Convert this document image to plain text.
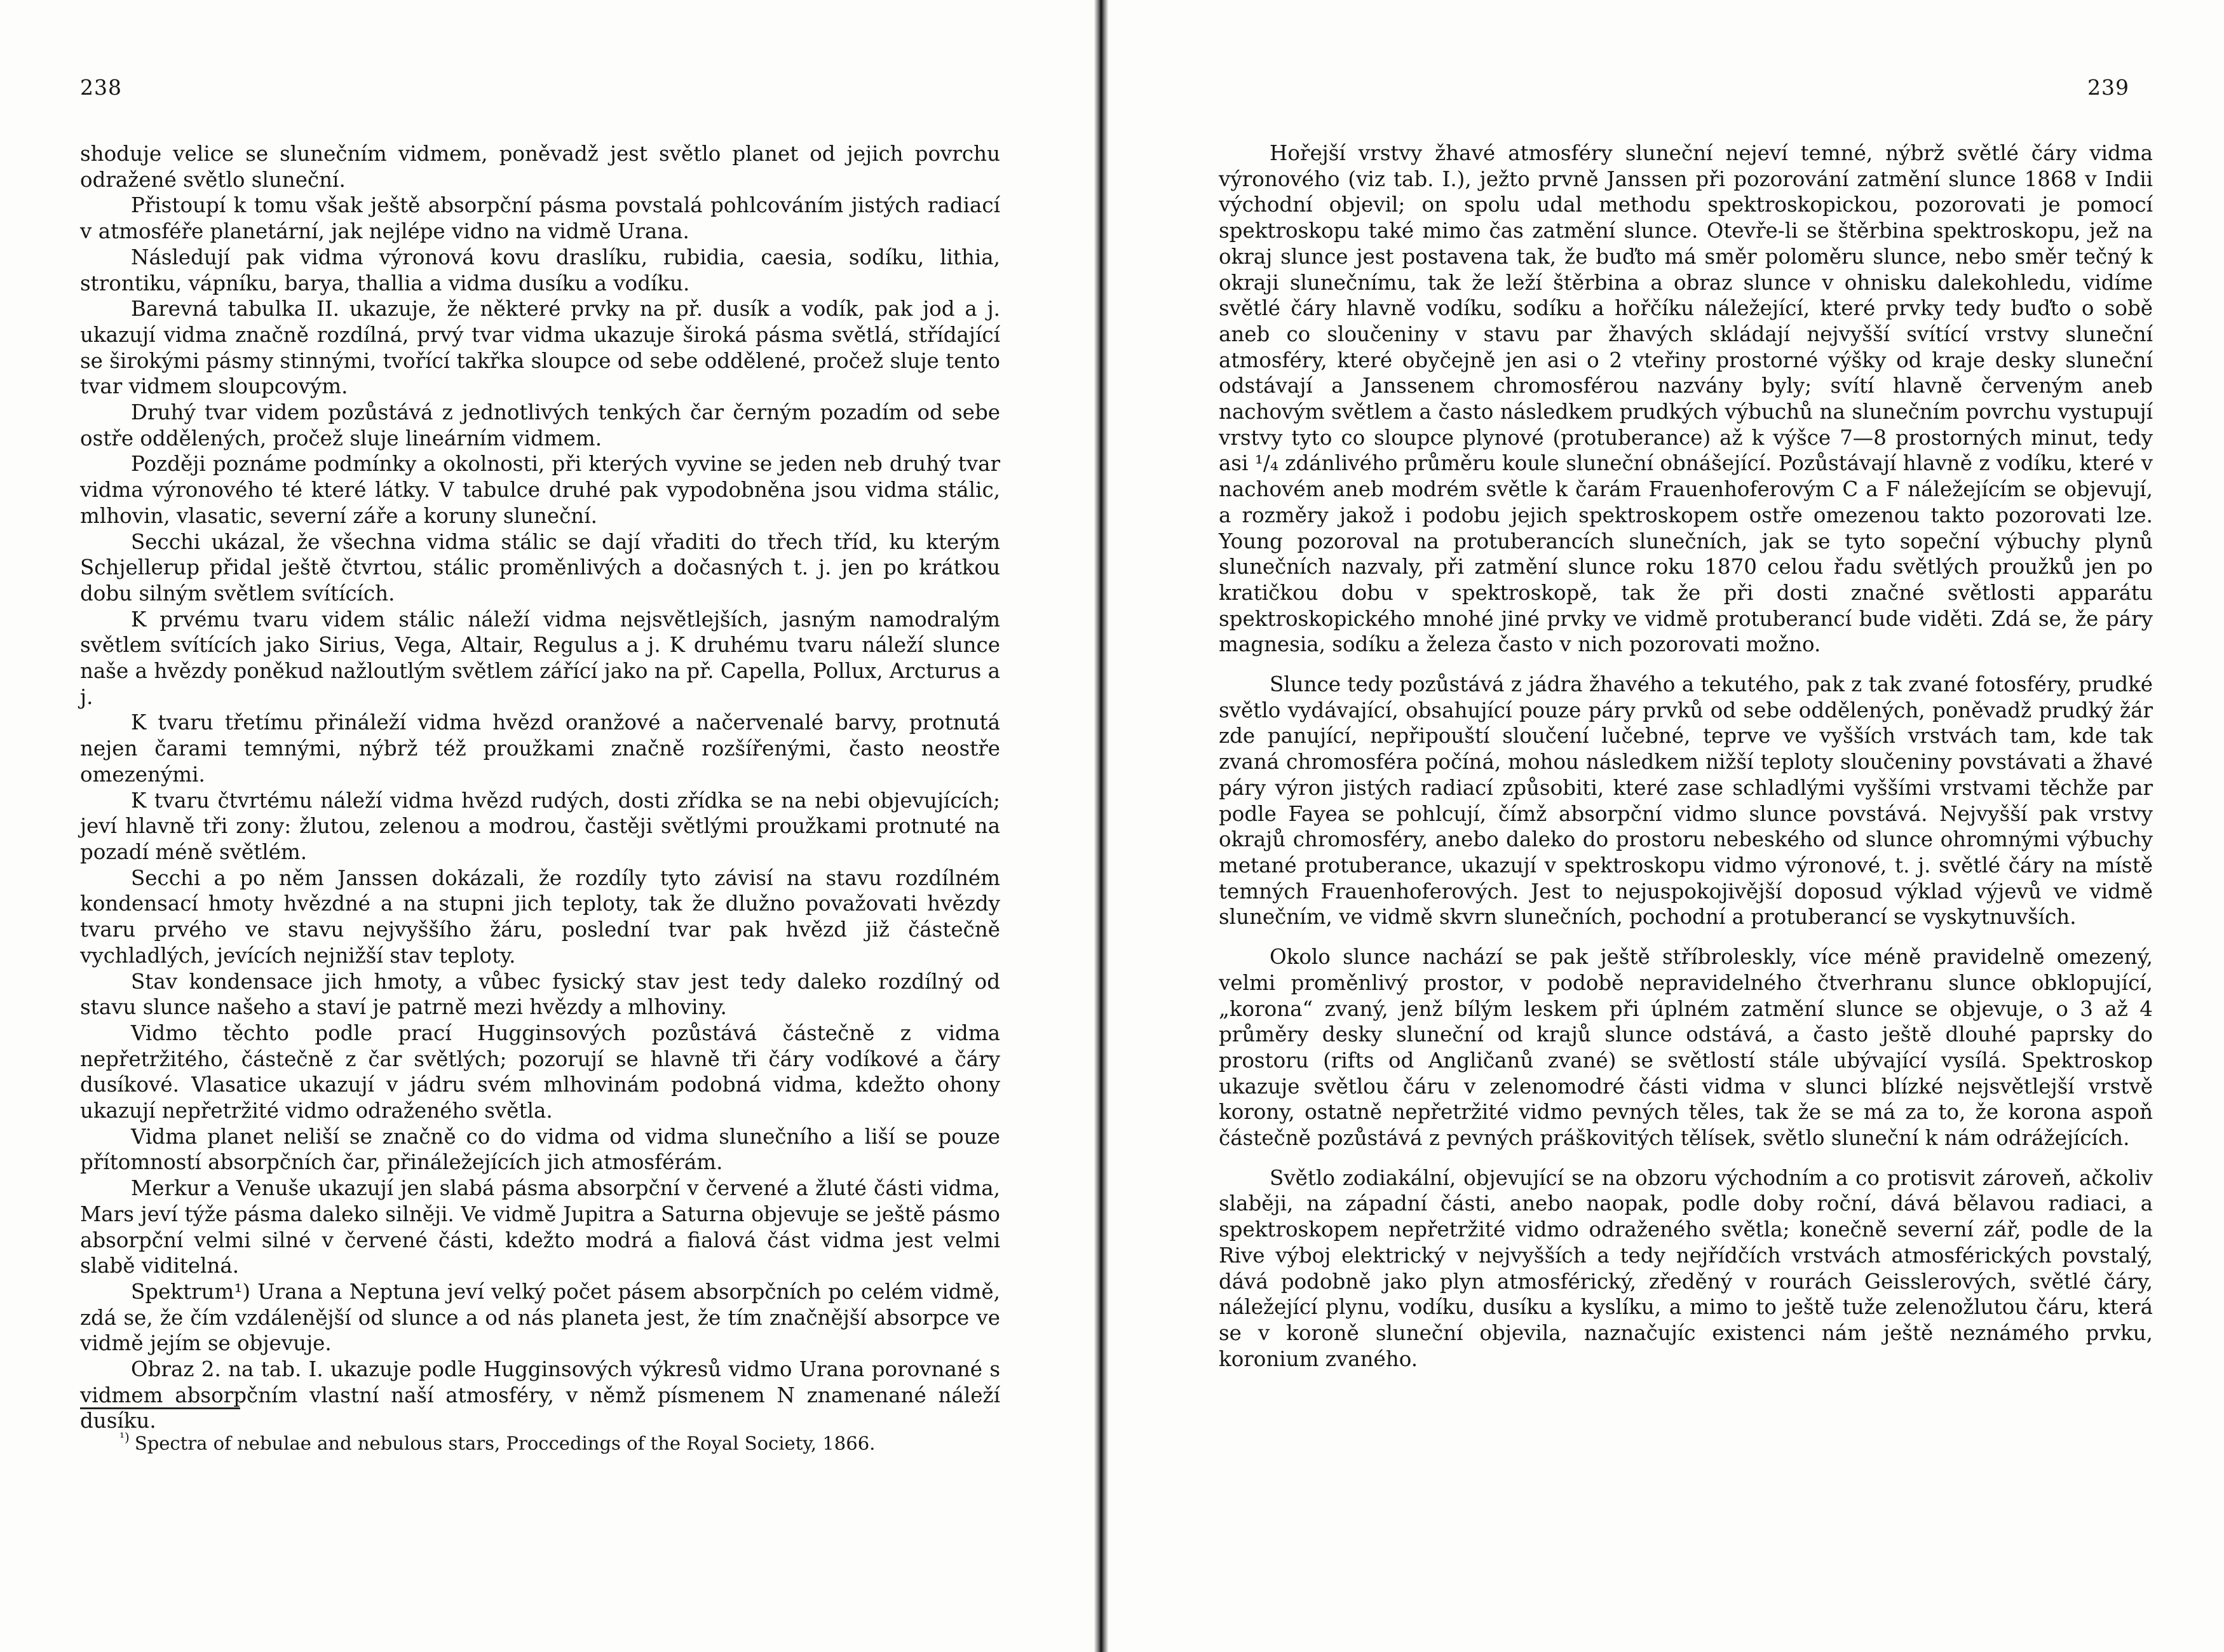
238

shoduje velice se slunečním vidmem, poněvadž jest světlo planet od jejich povrchu odražené světlo sluneční.

Přistoupí k tomu však ještě absorpční pásma povstalá pohlcováním jistých radiací v atmosféře planetární, jak nejlépe vidno na vidmě Urana.

Následují pak vidma výronová kovu draslíku, rubidia, caesia, sodíku, lithia, strontiku, vápníku, barya, thallia a vidma dusíku a vodíku.

Barevná tabulka II. ukazuje, že některé prvky na př. dusík a vodík, pak jod a j. ukazují vidma značně rozdílná, prvý tvar vidma ukazuje široká pásma světlá, střídající se širokými pásmy stinnými, tvořící takřka sloupce od sebe oddělené, pročež sluje tento tvar vidmem sloupcovým.

Druhý tvar videm pozůstává z jednotlivých tenkých čar černým pozadím od sebe ostře oddělených, pročež sluje lineárním vidmem.

Později poznáme podmínky a okolnosti, při kterých vyvine se jeden neb druhý tvar vidma výronového té které látky. V tabulce druhé pak vypodobněna jsou vidma stálic, mlhovin, vlasatic, severní záře a koruny sluneční.

Secchi ukázal, že všechna vidma stálic se dají vřaditi do třech tříd, ku kterým Schjellerup přidal ještě čtvrtou, stálic proměnlivých a dočasných t. j. jen po krátkou dobu silným světlem svítících.

K prvému tvaru videm stálic náleží vidma nejsvětlejších, jasným namodralým světlem svítících jako Sirius, Vega, Altair, Regulus a j. K druhému tvaru náleží slunce naše a hvězdy poněkud nažloutlým světlem zářící jako na př. Capella, Pollux, Arcturus a j.

K tvaru třetímu přináleží vidma hvězd oranžové a načervenalé barvy, protnutá nejen čarami temnými, nýbrž též proužkami značně rozšířenými, často neostře omezenými.

K tvaru čtvrtému náleží vidma hvězd rudých, dosti zřídka se na nebi objevujících; jeví hlavně tři zony: žlutou, zelenou a modrou, častěji světlými proužkami protnuté na pozadí méně světlém.

Secchi a po něm Janssen dokázali, že rozdíly tyto závisí na stavu rozdílném kondensací hmoty hvězdné a na stupni jich teploty, tak že dlužno považovati hvězdy tvaru prvého ve stavu nejvyššího žáru, poslední tvar pak hvězd již částečně vychladlých, jevících nejnižší stav teploty.

Stav kondensace jich hmoty, a vůbec fysický stav jest tedy daleko rozdílný od stavu slunce našeho a staví je patrně mezi hvězdy a mlhoviny.

Vidmo těchto podle prací Hugginsových pozůstává částečně z vidma nepřetržitého, částečně z čar světlých; pozorují se hlavně tři čáry vodíkové a čáry dusíkové. Vlasatice ukazují v jádru svém mlhovinám podobná vidma, kdežto ohony ukazují nepřetržité vidmo odraženého světla.

Vidma planet neliší se značně co do vidma od vidma slunečního a liší se pouze přítomností absorpčních čar, přináležejících jich atmosférám.

Merkur a Venuše ukazují jen slabá pásma absorpční v červené a žluté části vidma, Mars jeví týže pásma daleko silněji. Ve vidmě Jupitra a Saturna objevuje se ještě pásmo absorpční velmi silné v červené části, kdežto modrá a fialová část vidma jest velmi slabě viditelná.

Spektrum¹) Urana a Neptuna jeví velký počet pásem absorpčních po celém vidmě, zdá se, že čím vzdálenější od slunce a od nás planeta jest, že tím značnější absorpce ve vidmě jejím se objevuje.

Obraz 2. na tab. I. ukazuje podle Hugginsových výkresů vidmo Urana porovnané s vidmem absorpčním vlastní naší atmosféry, v němž písmenem N znamenané náleží dusíku.

$^{^1)}$ Spectra of nebulae and nebulous stars, Proccedings of the Royal Society, 1866.
239

Hořejší vrstvy žhavé atmosféry sluneční nejeví temné, nýbrž světlé čáry vidma výronového (viz tab. I.), ježto prvně Janssen při pozorování zatmění slunce 1868 v Indii východní objevil; on spolu udal methodu spektroskopickou, pozorovati je pomocí spektroskopu také mimo čas zatmění slunce. Otevře-li se štěrbina spektroskopu, jež na okraj slunce jest postavena tak, že buďto má směr poloměru slunce, nebo směr tečný k okraji slunečnímu, tak že leží štěrbina a obraz slunce v ohnisku dalekohledu, vidíme světlé čáry hlavně vodíku, sodíku a hořčíku náležející, které prvky tedy buďto o sobě aneb co sloučeniny v stavu par žhavých skládají nejvyšší svítící vrstvy sluneční atmosféry, které obyčejně jen asi o 2 vteřiny prostorné výšky od kraje desky sluneční odstávají a Janssenem chromosférou nazvány byly; svítí hlavně červeným aneb nachovým světlem a často následkem prudkých výbuchů na slunečním povrchu vystupují vrstvy tyto co sloupce plynové (protuberance) až k výšce 7—8 prostorných minut, tedy asi ¹/₄ zdánlivého průměru koule sluneční obnášející. Pozůstávají hlavně z vodíku, které v nachovém aneb modrém světle k čarám Frauenhoferovým C a F náležejícím se objevují, a rozměry jakož i podobu jejich spektroskopem ostře omezenou takto pozorovati lze. Young pozoroval na protuberancích slunečních, jak se tyto sopeční výbuchy plynů slunečních nazvaly, při zatmění slunce roku 1870 celou řadu světlých proužků jen po kratičkou dobu v spektroskopě, tak že při dosti značné světlosti apparátu spektroskopického mnohé jiné prvky ve vidmě protuberancí bude viděti. Zdá se, že páry magnesia, sodíku a železa často v nich pozorovati možno.

Slunce tedy pozůstává z jádra žhavého a tekutého, pak z tak zvané fotosféry, prudké světlo vydávající, obsahující pouze páry prvků od sebe oddělených, poněvadž prudký žár zde panující, nepřipouští sloučení lučebné, teprve ve vyšších vrstvách tam, kde tak zvaná chromosféra počíná, mohou následkem nižší teploty sloučeniny povstávati a žhavé páry výron jistých radiací způsobiti, které zase schladlými vyššími vrstvami těchže par podle Fayea se pohlcují, čímž absorpční vidmo slunce povstává. Nejvyšší pak vrstvy okrajů chromosféry, anebo daleko do prostoru nebeského od slunce ohromnými výbuchy metané protuberance, ukazují v spektroskopu vidmo výronové, t. j. světlé čáry na místě temných Frauenhoferových. Jest to nejuspokojivější doposud výklad výjevů ve vidmě slunečním, ve vidmě skvrn slunečních, pochodní a protuberancí se vyskytnuvších.

Okolo slunce nachází se pak ještě stříbroleskly, více méně pravidelně omezený, velmi proměnlivý prostor, v podobě nepravidelného čtverhranu slunce obklopující, „korona“ zvaný, jenž bílým leskem při úplném zatmění slunce se objevuje, o 3 až 4 průměry desky sluneční od krajů slunce odstává, a často ještě dlouhé paprsky do prostoru (rifts od Angličanů zvané) se světlostí stále ubývající vysílá. Spektroskop ukazuje světlou čáru v zelenomodré části vidma v slunci blízké nejsvětlejší vrstvě korony, ostatně nepřetržité vidmo pevných těles, tak že se má za to, že korona aspoň částečně pozůstává z pevných práškovitých tělísek, světlo sluneční k nám odrážejících.

Světlo zodiakální, objevující se na obzoru východním a co protisvit zároveň, ačkoliv slaběji, na západní části, anebo naopak, podle doby roční, dává bělavou radiaci, a spektroskopem nepřetržité vidmo odraženého světla; konečně severní zář, podle de la Rive výboj elektrický v nejvyšších a tedy nejřídčích vrstvách atmosférických povstalý, dává podobně jako plyn atmosférický, zředěný v rourách Geisslerových, světlé čáry, náležející plynu, vodíku, dusíku a kyslíku, a mimo to ještě tuže zelenožlutou čáru, která se v koroně sluneční objevila, naznačujíc existenci nám ještě neznámého prvku, koronium zvaného.
